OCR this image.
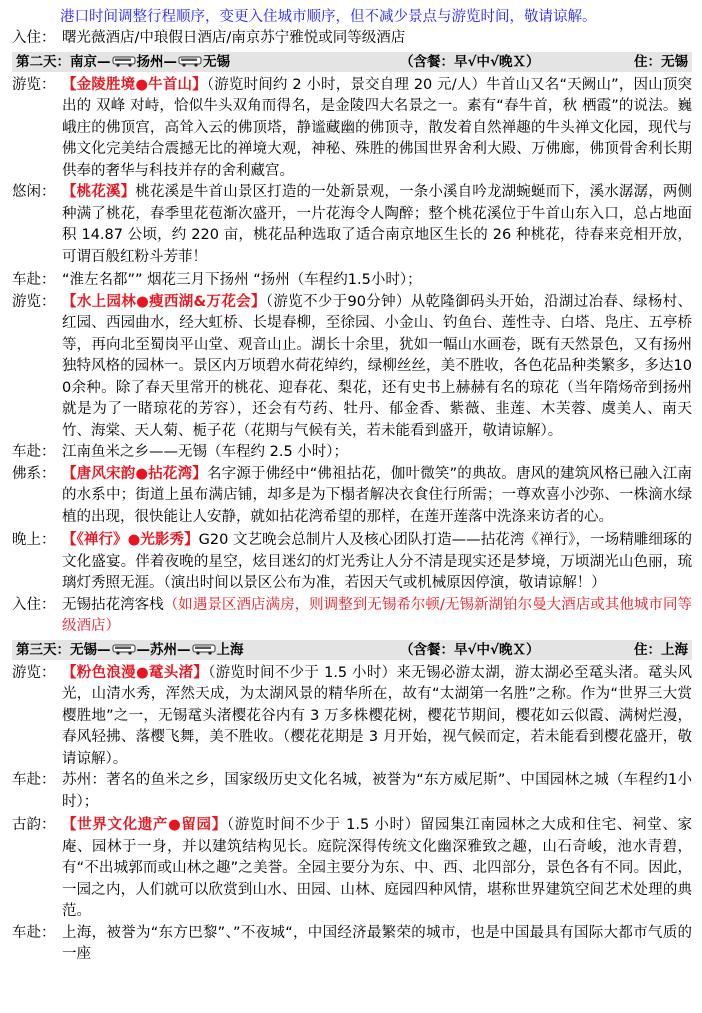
港口时间调整行程顺序，变更入住城市顺序，但不减少景点与游览时间，敬请谅解。
入住： 曙光薇酒店/中琅假日酒店/南京苏宁雅悦或同等级酒店
第二天： 南京— 扬州— 无锡	（含餐：早√中√晚Ｘ）	住：无锡
游览： 【金陵胜境●牛首山】（游览时间约 2 小时，景交自理 20 元/人）牛首山又名“天阙山”，因山顶突出的 双峰 对峙，恰似牛头双角而得名，是金陵四大名景之一。素有“春牛首，秋 栖霞”的说法。巍峨庄的佛顶宫，高耸入云的佛顶塔，静谧藏幽的佛顶寺，散发着自然禅趣的牛头禅文化园，现代与佛文化完美结合震撼无比的禅境大观，神秘、殊胜的佛国世界舍利大殿、万佛廊，佛顶骨舍利长期供奉的奢华与科技并存的舍利藏宫。
悠闲： 【桃花溪】桃花溪是牛首山景区打造的一处新景观，一条小溪自吟龙湖蜿蜒而下，溪水潺潺，两侧种满了桃花，春季里花苞渐次盛开，一片花海令人陶醉；整个桃花溪位于牛首山东入口，总占地面积 14.87 公顷，约 220 亩，桃花品种选取了适合南京地区生长的 26 种桃花，待春来竞相开放，可谓百般红粉斗芳菲！
车赴： “淮左名都”” 烟花三月下扬州 “扬州（车程约1.5小时）；
游览： 【水上园林●瘦西湖&万花会】（游览不少于90分钟）从乾隆御码头开始，沿湖过冶春、绿杨村、红园、西园曲水，经大虹桥、长堤春柳，至徐园、小金山、钓鱼台、莲性寺、白塔、凫庄、五亭桥等，再向北至蜀岗平山堂、观音山止。湖长十余里，犹如一幅山水画卷，既有天然景色，又有扬州独特风格的园林一。景区内万顷碧水荷花绰约，绿柳丝丝，美不胜收，各色花品种类繁多，多达100余种。除了春天里常开的桃花、迎春花、梨花，还有史书上赫赫有名的琼花（当年隋炀帝到扬州就是为了一睹琼花的芳容），还会有芍药、牡丹、郁金香、紫薇、韭莲、木芙蓉、虞美人、南天竹、海棠、天人菊、栀子花（花期与气候有关，若未能看到盛开，敬请谅解）。
车赴： 江南鱼米之乡——无锡（车程约 2.5 小时）；
佛系： 【唐风宋韵●拈花湾】名字源于佛经中“佛祖拈花，伽叶微笑”的典故。唐风的建筑风格已融入江南的水系中；街道上虽布满店铺，却多是为下榻者解决衣食住行所需；一尊欢喜小沙弥、一株滴水绿植的出现，很快能让人安静，就如拈花湾希望的那样，在莲开莲落中洗涤来访者的心。
晚上： 【《禅行》●光影秀】G20 文艺晚会总制片人及核心团队打造——拈花湾《禅行》，一场精雕细琢的文化盛宴。伴着夜晚的星空，炫目迷幻的灯光秀让人分不清是现实还是梦境，万顷湖光山色丽，琉璃灯秀照无涯。（演出时间以景区公布为准，若因天气或机械原因停演，敬请谅解！）
入住： 无锡拈花湾客栈（如遇景区酒店满房，则调整到无锡希尔顿/无锡新湖铂尔曼大酒店或其他城市同等级酒店）
第三天： 无锡— —苏州— 上海	（含餐：早√中√晚Ｘ）	住：上海
游览： 【粉色浪漫●鼋头渚】（游览时间不少于 1.5 小时）来无锡必游太湖，游太湖必至鼋头渚。鼋头风光，山清水秀，浑然天成，为太湖风景的精华所在，故有“太湖第一名胜”之称。作为“世界三大赏樱胜地”之一，无锡鼋头渚樱花谷内有 3 万多株樱花树，樱花节期间，樱花如云似霞、满树烂漫，春风轻拂、落樱飞舞，美不胜收。（樱花花期是 3 月开始，视气候而定，若未能看到樱花盛开，敬请谅解）。
车赴： 苏州：著名的鱼米之乡，国家级历史文化名城，被誉为“东方威尼斯”、中国园林之城（车程约1小时）；
古韵： 【世界文化遗产●留园】（游览时间不少于 1.5 小时）留园集江南园林之大成和住宅、祠堂、家庵、园林于一身，并以建筑结构见长。庭院深得传统文化幽深雅致之趣，山石奇峻，池水青碧，有“不出城郭而或山林之趣”之美誉。全园主要分为东、中、西、北四部分，景色各有不同。因此，一园之内，人们就可以欣赏到山水、田园、山林、庭园四种风情，堪称世界建筑空间艺术处理的典范。
车赴： 上海，被誉为“东方巴黎”、”不夜城“，中国经济最繁荣的城市，也是中国最具有国际大都市气质的一座
